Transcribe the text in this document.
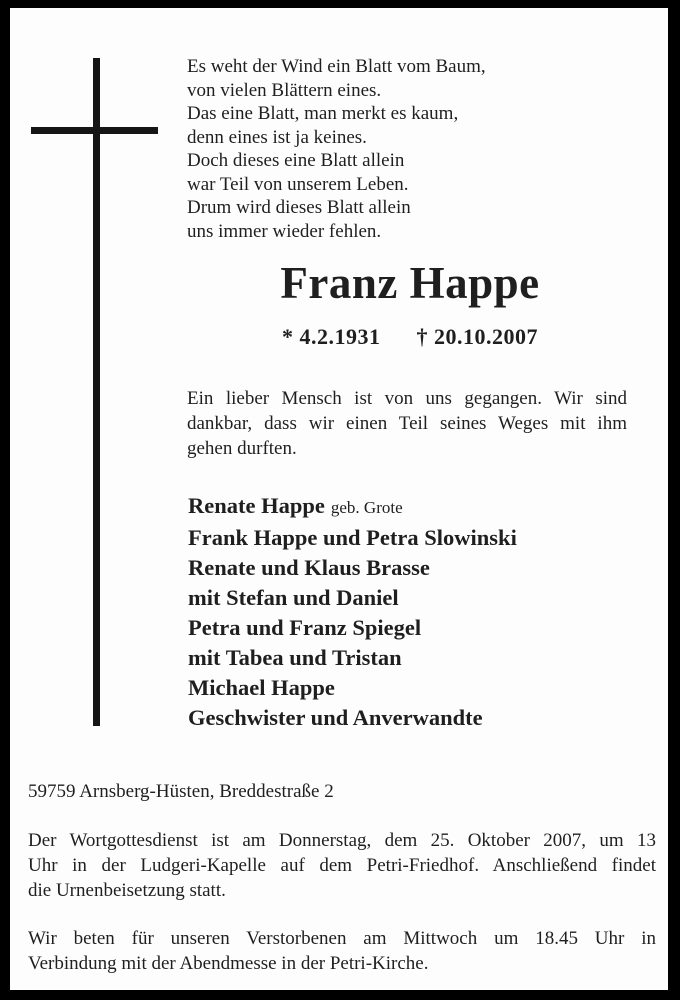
Es weht der Wind ein Blatt vom Baum,
von vielen Blättern eines.
Das eine Blatt, man merkt es kaum,
denn eines ist ja keines.
Doch dieses eine Blatt allein
war Teil von unserem Leben.
Drum wird dieses Blatt allein
uns immer wieder fehlen.
Franz Happe
* 4.2.1931 † 20.10.2007
Ein lieber Mensch ist von uns gegangen. Wir sind
dankbar, dass wir einen Teil seines Weges mit ihm
gehen durften.
Renate Happe geb. Grote
Frank Happe und Petra Slowinski
Renate und Klaus Brasse
mit Stefan und Daniel
Petra und Franz Spiegel
mit Tabea und Tristan
Michael Happe
Geschwister und Anverwandte
59759 Arnsberg-Hüsten, Breddestraße 2
Der Wortgottesdienst ist am Donnerstag, dem 25. Oktober 2007, um 13
Uhr in der Ludgeri-Kapelle auf dem Petri-Friedhof. Anschließend findet
die Urnenbeisetzung statt.
Wir beten für unseren Verstorbenen am Mittwoch um 18.45 Uhr in
Verbindung mit der Abendmesse in der Petri-Kirche.
